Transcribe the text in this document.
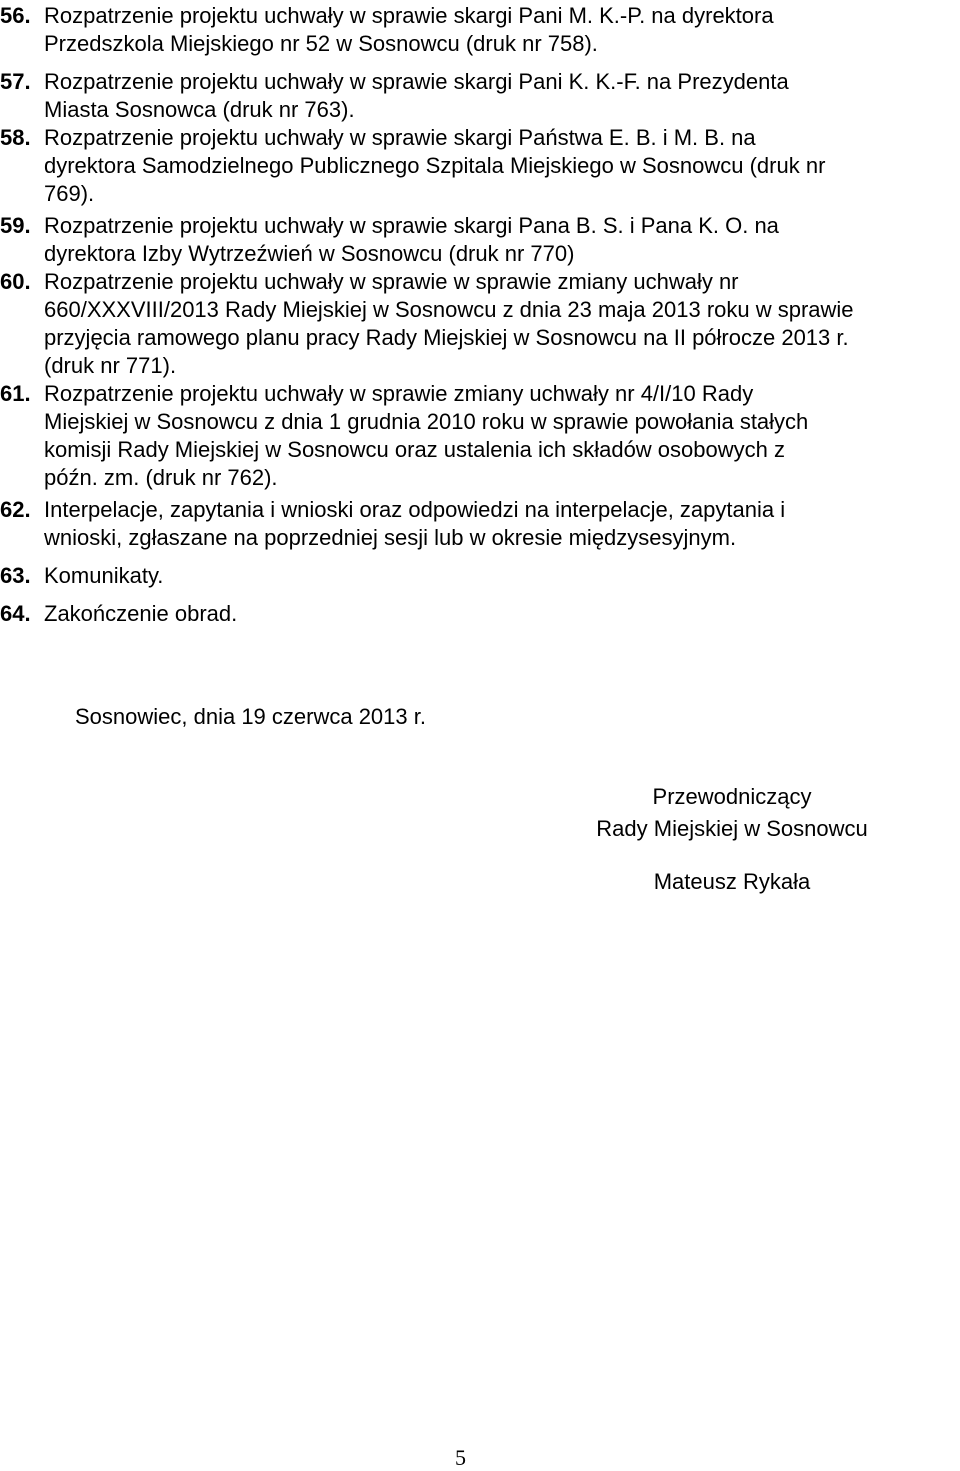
56. Rozpatrzenie projektu uchwały w sprawie skargi Pani M. K.-P. na dyrektora
Przedszkola Miejskiego nr 52 w Sosnowcu (druk nr 758).
57. Rozpatrzenie projektu uchwały w sprawie skargi Pani K. K.-F. na Prezydenta
Miasta Sosnowca (druk nr 763).
58. Rozpatrzenie projektu uchwały w sprawie skargi Państwa E. B. i M. B. na
dyrektora Samodzielnego Publicznego Szpitala Miejskiego w Sosnowcu (druk nr
769).
59. Rozpatrzenie projektu uchwały w sprawie skargi Pana B. S. i Pana K. O. na
dyrektora Izby Wytrzeźwień w Sosnowcu (druk nr 770)
60. Rozpatrzenie projektu uchwały w sprawie w sprawie zmiany uchwały nr
660/XXXVIII/2013 Rady Miejskiej w Sosnowcu z dnia 23 maja 2013 roku w sprawie
przyjęcia ramowego planu pracy Rady Miejskiej w Sosnowcu na II półrocze 2013 r.
(druk nr 771).
61. Rozpatrzenie projektu uchwały w sprawie zmiany uchwały nr 4/I/10 Rady
Miejskiej w Sosnowcu z dnia 1 grudnia 2010 roku w sprawie powołania stałych
komisji Rady Miejskiej w Sosnowcu oraz ustalenia ich składów osobowych z
późn. zm. (druk nr 762).
62. Interpelacje, zapytania i wnioski oraz odpowiedzi na interpelacje, zapytania i
wnioski, zgłaszane na poprzedniej sesji lub w okresie międzysesyjnym.
63. Komunikaty.
64. Zakończenie obrad.
Sosnowiec, dnia 19 czerwca 2013 r.
Przewodniczący
Rady Miejskiej w Sosnowcu
Mateusz Rykała
5
